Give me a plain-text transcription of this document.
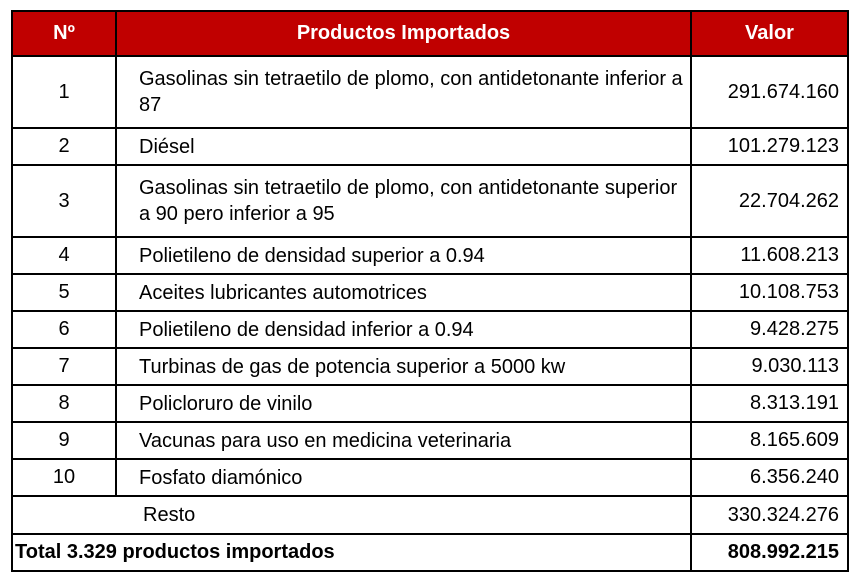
Nº	Productos Importados	Valor
1	Gasolinas sin tetraetilo de plomo, con antidetonante inferior a 87	291.674.160
2	Diésel	101.279.123
3	Gasolinas sin tetraetilo de plomo, con antidetonante superior a 90 pero inferior a 95	22.704.262
4	Polietileno de densidad superior a 0.94	11.608.213
5	Aceites lubricantes automotrices	10.108.753
6	Polietileno de densidad inferior a 0.94	9.428.275
7	Turbinas de gas de potencia superior a 5000 kw	9.030.113
8	Policloruro de vinilo	8.313.191
9	Vacunas para uso en medicina veterinaria	8.165.609
10	Fosfato diamónico	6.356.240
Resto		330.324.276
Total 3.329 productos importados		808.992.215
